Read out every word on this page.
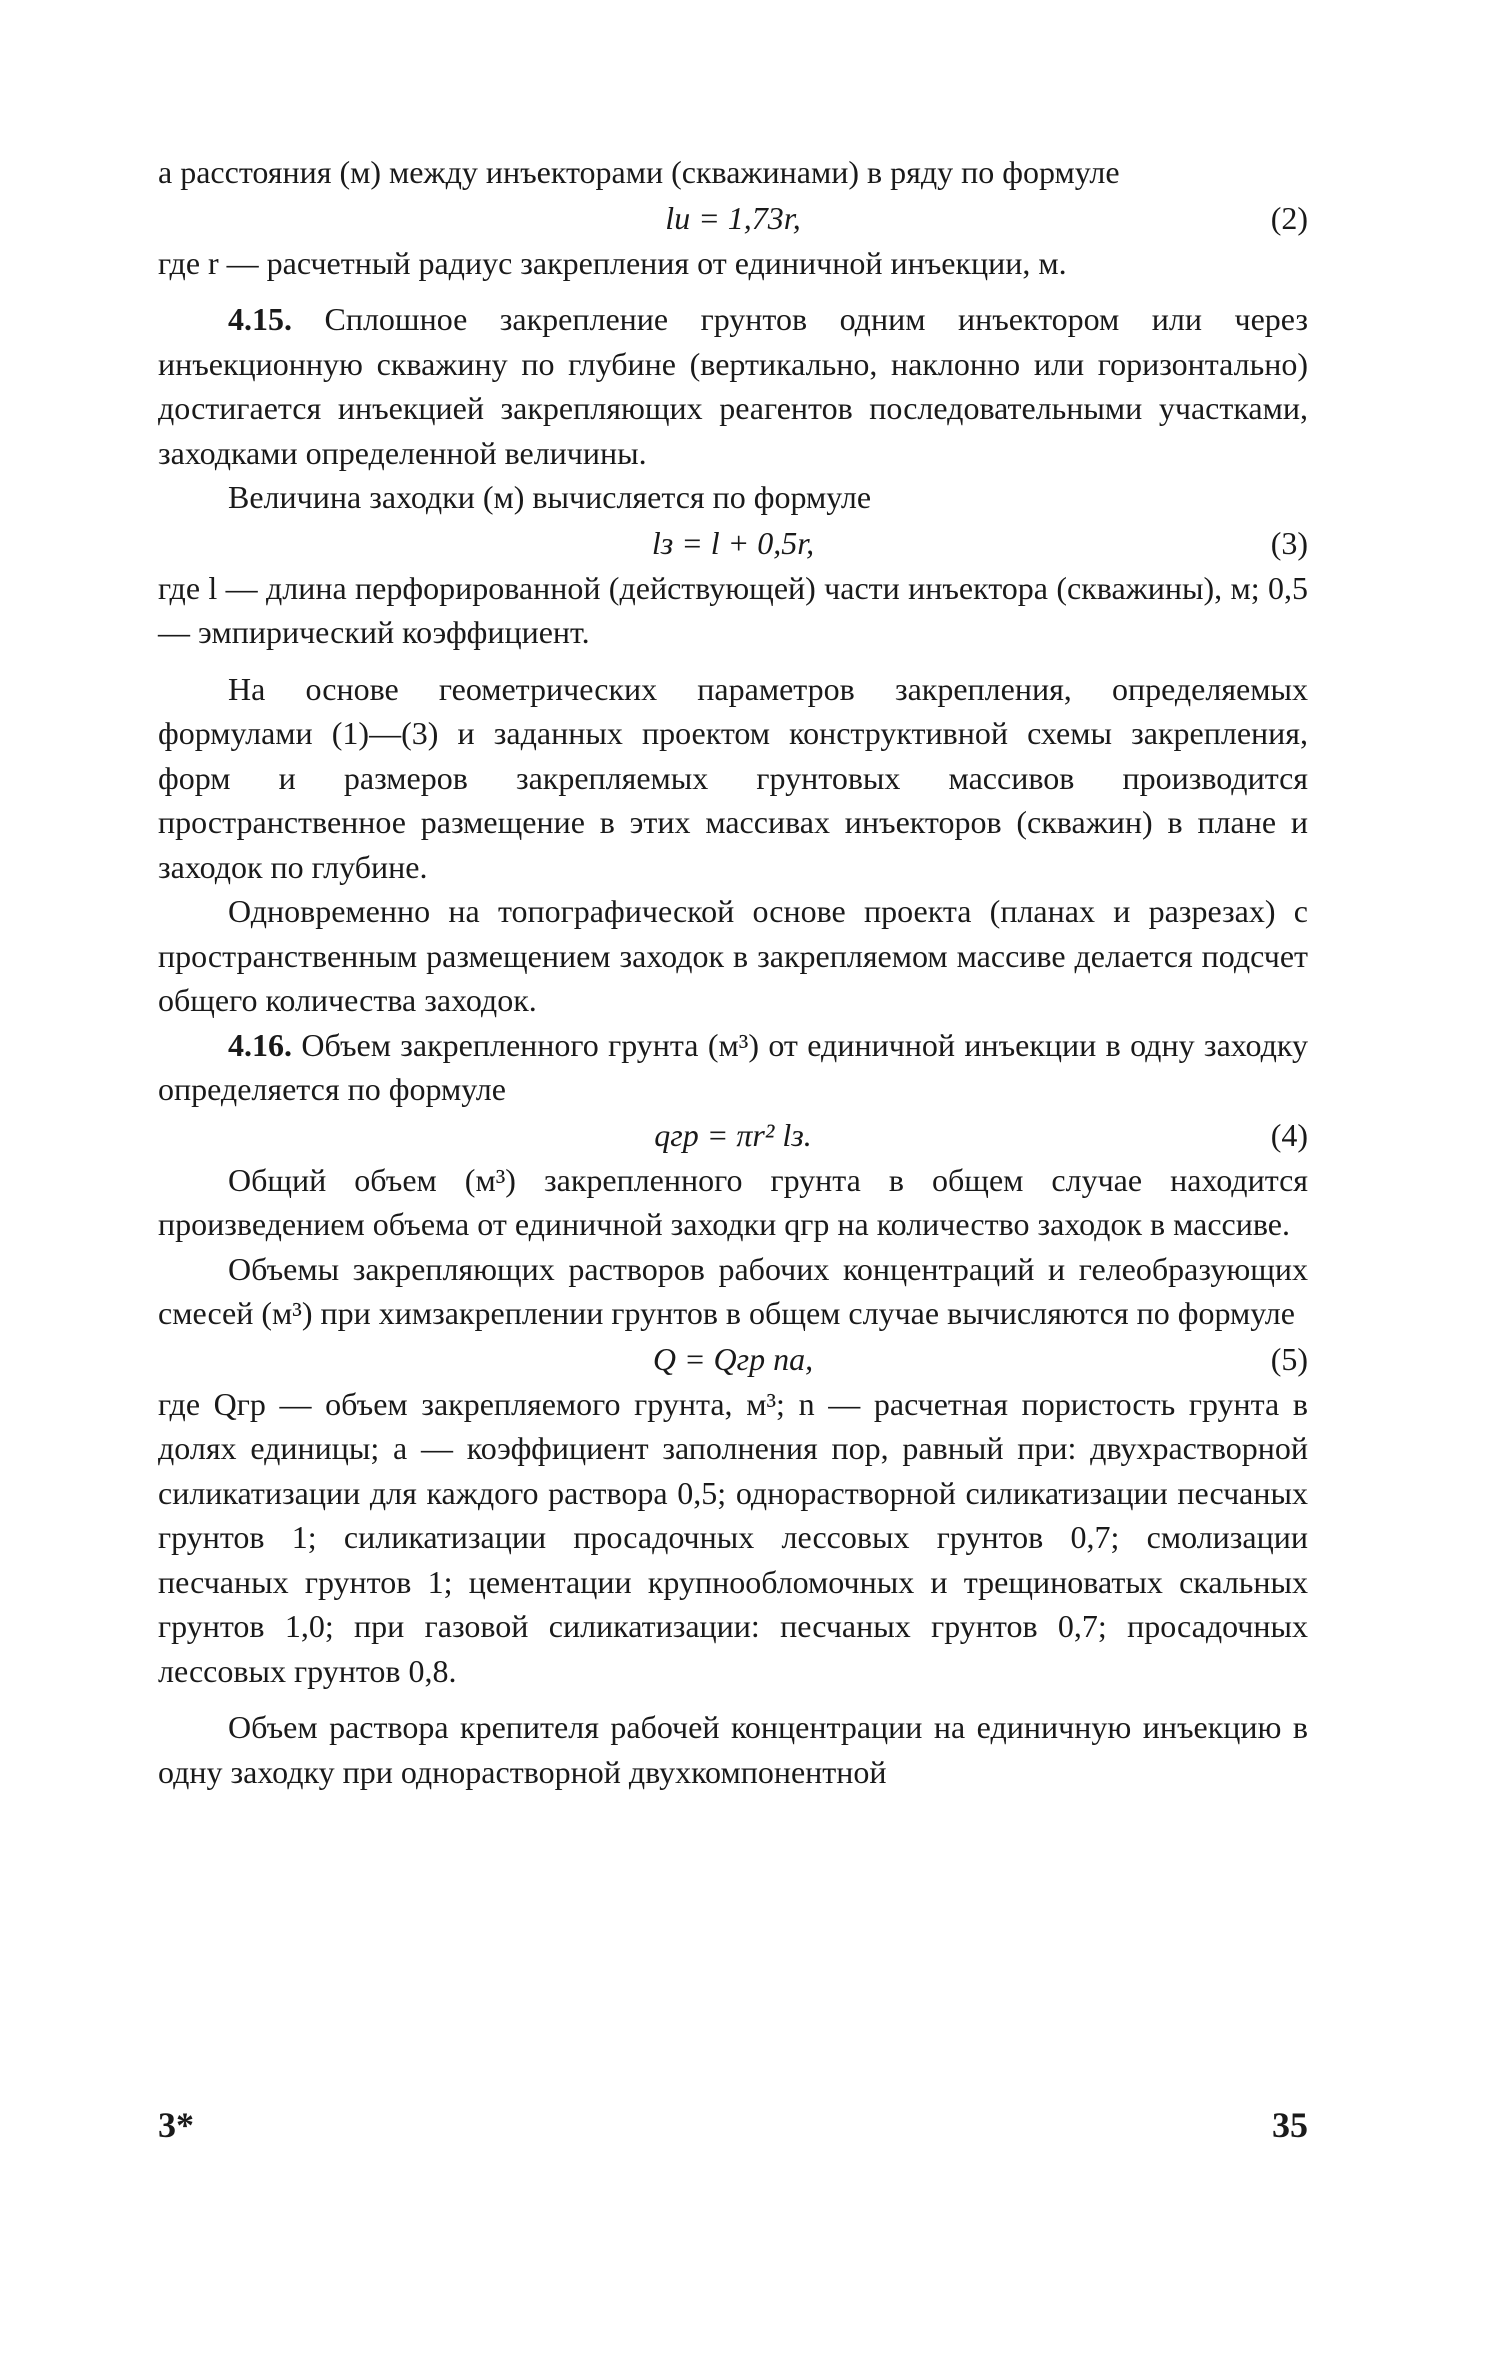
а расстояния (м) между инъекторами (скважинами) в ряду по формуле

lи = 1,73r,	(2)

где r — расчетный радиус закрепления от единичной инъекции, м.

4.15. Сплошное закрепление грунтов одним инъектором или через инъекционную скважину по глубине (вертикально, наклонно или горизонтально) достигается инъекцией закрепляющих реагентов последовательными участками, заходками определенной величины.

Величина заходки (м) вычисляется по формуле

lз = l + 0,5r,	(3)

где l — длина перфорированной (действующей) части инъектора (скважины), м; 0,5 — эмпирический коэффициент.

На основе геометрических параметров закрепления, определяемых формулами (1)—(3) и заданных проектом конструктивной схемы закрепления, форм и размеров закрепляемых грунтовых массивов производится пространственное размещение в этих массивах инъекторов (скважин) в плане и заходок по глубине.

Одновременно на топографической основе проекта (планах и разрезах) с пространственным размещением заходок в закрепляемом массиве делается подсчет общего количества заходок.

4.16. Объем закрепленного грунта (м³) от единичной инъекции в одну заходку определяется по формуле

qгр = πr² lз.	(4)

Общий объем (м³) закрепленного грунта в общем случае находится произведением объема от единичной заходки qгр на количество заходок в массиве.

Объемы закрепляющих растворов рабочих концентраций и гелеобразующих смесей (м³) при химзакреплении грунтов в общем случае вычисляются по формуле

Q = Qгр na,	(5)

где Qгр — объем закрепляемого грунта, м³; n — расчетная пористость грунта в долях единицы; a — коэффициент заполнения пор, равный при: двухрастворной силикатизации для каждого раствора 0,5; однорастворной силикатизации песчаных грунтов 1; силикатизации просадочных лессовых грунтов 0,7; смолизации песчаных грунтов 1; цементации крупнообломочных и трещиноватых скальных грунтов 1,0; при газовой силикатизации: песчаных грунтов 0,7; просадочных лессовых грунтов 0,8.

Объем раствора крепителя рабочей концентрации на единичную инъекцию в одну заходку при однорастворной двухкомпонентной

3*	35
